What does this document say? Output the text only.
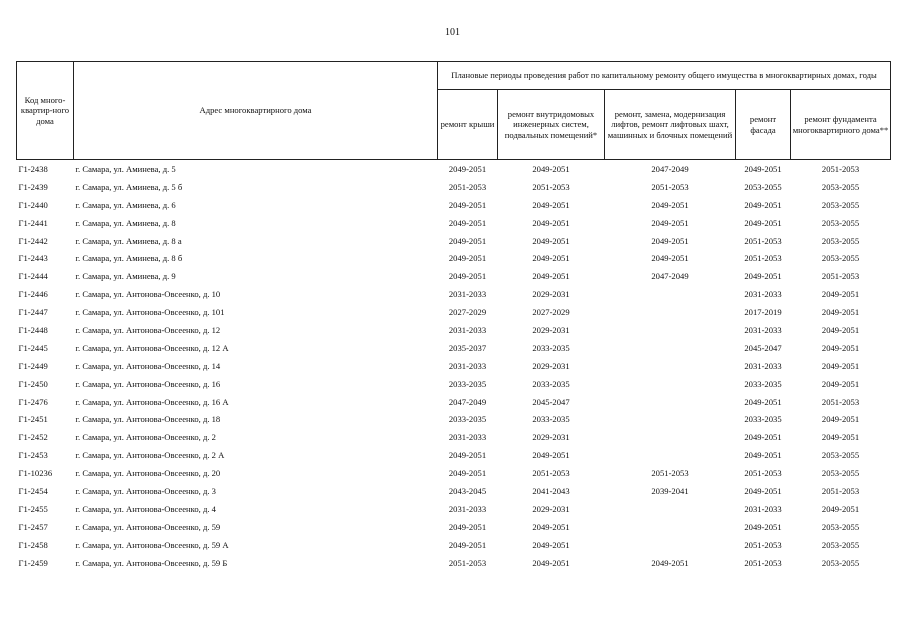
101
Код много-квартир-ного дома	Адрес многоквартирного дома	Плановые периоды проведения работ по капитальному ремонту общего имущества в многоквартирных домах, годы				
		ремонт крыши	ремонт внутридомовых инженерных систем, подвальных помещений*	ремонт, замена, модернизация лифтов, ремонт лифтовых шахт, машинных и блочных помещений	ремонт фасада	ремонт фундамента многоквартирного дома**
Г1-2438	г. Самара, ул. Аминева, д. 5	2049-2051	2049-2051	2047-2049	2049-2051	2051-2053
Г1-2439	г. Самара, ул. Аминева, д. 5 б	2051-2053	2051-2053	2051-2053	2053-2055	2053-2055
Г1-2440	г. Самара, ул. Аминева, д. 6	2049-2051	2049-2051	2049-2051	2049-2051	2053-2055
Г1-2441	г. Самара, ул. Аминева, д. 8	2049-2051	2049-2051	2049-2051	2049-2051	2053-2055
Г1-2442	г. Самара, ул. Аминева, д. 8 а	2049-2051	2049-2051	2049-2051	2051-2053	2053-2055
Г1-2443	г. Самара, ул. Аминева, д. 8 б	2049-2051	2049-2051	2049-2051	2051-2053	2053-2055
Г1-2444	г. Самара, ул. Аминева, д. 9	2049-2051	2049-2051	2047-2049	2049-2051	2051-2053
Г1-2446	г. Самара, ул. Антонова-Овсеенко, д. 10	2031-2033	2029-2031		2031-2033	2049-2051
Г1-2447	г. Самара, ул. Антонова-Овсеенко, д. 101	2027-2029	2027-2029		2017-2019	2049-2051
Г1-2448	г. Самара, ул. Антонова-Овсеенко, д. 12	2031-2033	2029-2031		2031-2033	2049-2051
Г1-2445	г. Самара, ул. Антонова-Овсеенко, д. 12 А	2035-2037	2033-2035		2045-2047	2049-2051
Г1-2449	г. Самара, ул. Антонова-Овсеенко, д. 14	2031-2033	2029-2031		2031-2033	2049-2051
Г1-2450	г. Самара, ул. Антонова-Овсеенко, д. 16	2033-2035	2033-2035		2033-2035	2049-2051
Г1-2476	г. Самара, ул. Антонова-Овсеенко, д. 16 А	2047-2049	2045-2047		2049-2051	2051-2053
Г1-2451	г. Самара, ул. Антонова-Овсеенко, д. 18	2033-2035	2033-2035		2033-2035	2049-2051
Г1-2452	г. Самара, ул. Антонова-Овсеенко, д. 2	2031-2033	2029-2031		2049-2051	2049-2051
Г1-2453	г. Самара, ул. Антонова-Овсеенко, д. 2 А	2049-2051	2049-2051		2049-2051	2053-2055
Г1-10236	г. Самара, ул. Антонова-Овсеенко, д. 20	2049-2051	2051-2053	2051-2053	2051-2053	2053-2055
Г1-2454	г. Самара, ул. Антонова-Овсеенко, д. 3	2043-2045	2041-2043	2039-2041	2049-2051	2051-2053
Г1-2455	г. Самара, ул. Антонова-Овсеенко, д. 4	2031-2033	2029-2031		2031-2033	2049-2051
Г1-2457	г. Самара, ул. Антонова-Овсеенко, д. 59	2049-2051	2049-2051		2049-2051	2053-2055
Г1-2458	г. Самара, ул. Антонова-Овсеенко, д. 59 А	2049-2051	2049-2051		2051-2053	2053-2055
Г1-2459	г. Самара, ул. Антонова-Овсеенко, д. 59 Б	2051-2053	2049-2051	2049-2051	2051-2053	2053-2055
